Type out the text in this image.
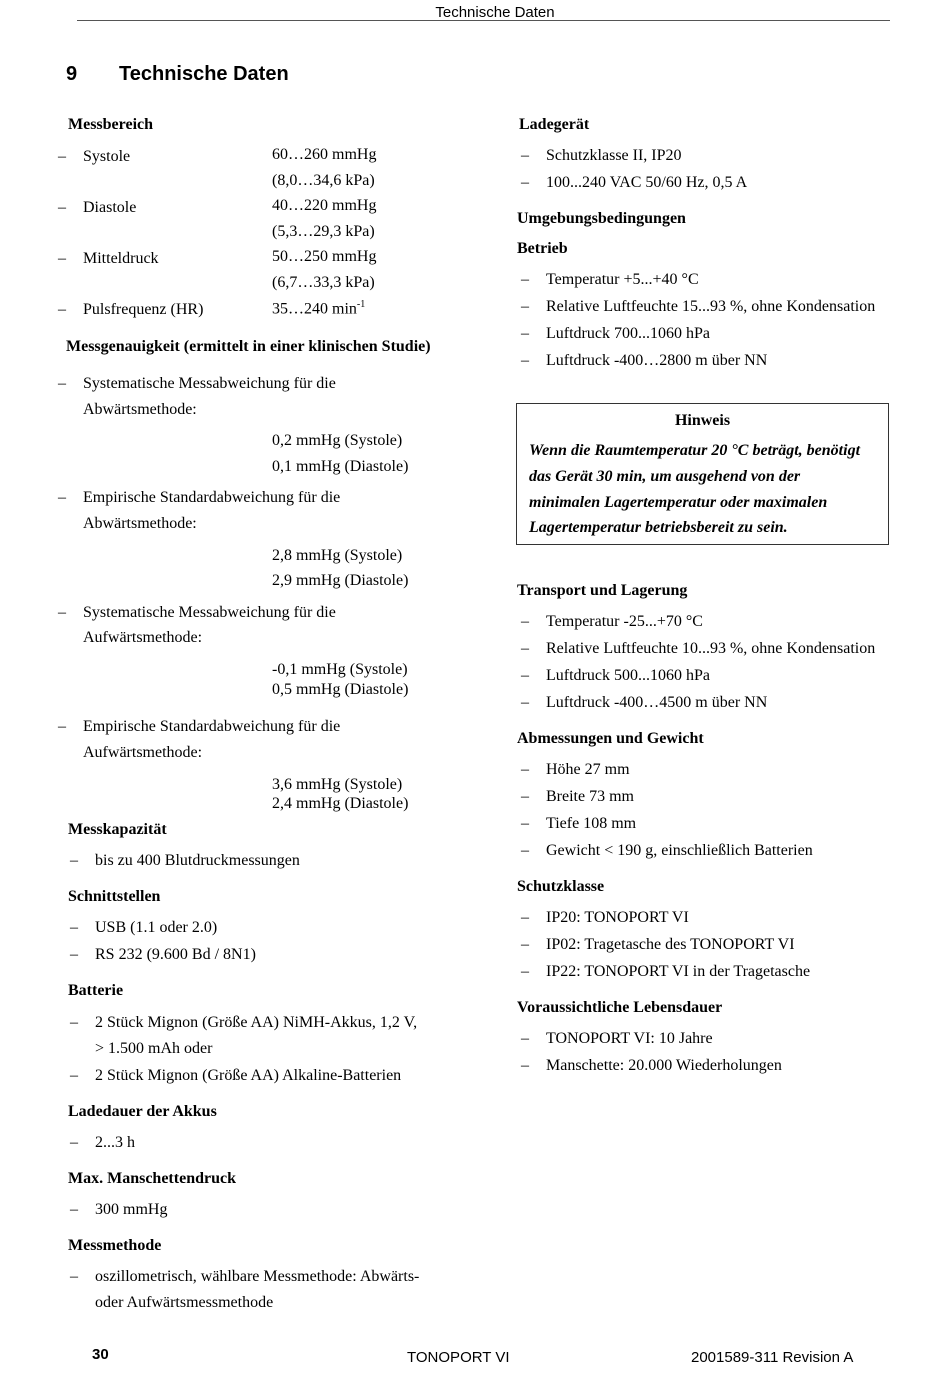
Technische Daten
9 Technische Daten
Messbereich
– Systole	60…260 mmHg
(8,0…34,6 kPa)
– Diastole	40…220 mmHg
(5,3…29,3 kPa)
– Mitteldruck	50…250 mmHg
(6,7…33,3 kPa)
– Pulsfrequenz (HR)	35…240 $\min^{-1}$
Messgenauigkeit (ermittelt in einer klinischen Studie)
– Systematische Messabweichung für die
Abwärtsmethode:
0,2 mmHg (Systole)
0,1 mmHg (Diastole)
– Empirische Standardabweichung für die
Abwärtsmethode:
2,8 mmHg (Systole)
2,9 mmHg (Diastole)
– Systematische Messabweichung für die
Aufwärtsmethode:
-0,1 mmHg (Systole)
0,5 mmHg (Diastole)
– Empirische Standardabweichung für die
Aufwärtsmethode:
3,6 mmHg (Systole)
2,4 mmHg (Diastole)
Messkapazität
– bis zu 400 Blutdruckmessungen
Schnittstellen
– USB (1.1 oder 2.0)
– RS 232 (9.600 Bd / 8N1)
Batterie
– 2 Stück Mignon (Größe AA) NiMH-Akkus, 1,2 V,
> 1.500 mAh oder
– 2 Stück Mignon (Größe AA) Alkaline-Batterien
Ladedauer der Akkus
– 2...3 h
Max. Manschettendruck
– 300 mmHg
Messmethode
– oszillometrisch, wählbare Messmethode: Abwärts-
oder Aufwärtsmessmethode
Ladegerät
– Schutzklasse II, IP20
– 100...240 VAC 50/60 Hz, 0,5 A
Umgebungsbedingungen
Betrieb
– Temperatur +5...+40 °C
– Relative Luftfeuchte 15...93 %, ohne Kondensation
– Luftdruck 700...1060 hPa
– Luftdruck -400…2800 m über NN
Hinweis
Wenn die Raumtemperatur 20 °C beträgt, benötigt
das Gerät 30 min, um ausgehend von der
minimalen Lagertemperatur oder maximalen
Lagertemperatur betriebsbereit zu sein.
Transport und Lagerung
– Temperatur -25...+70 °C
– Relative Luftfeuchte 10...93 %, ohne Kondensation
– Luftdruck 500...1060 hPa
– Luftdruck -400…4500 m über NN
Abmessungen und Gewicht
– Höhe 27 mm
– Breite 73 mm
– Tiefe 108 mm
– Gewicht < 190 g, einschließlich Batterien
Schutzklasse
– IP20: TONOPORT VI
– IP02: Tragetasche des TONOPORT VI
– IP22: TONOPORT VI in der Tragetasche
Voraussichtliche Lebensdauer
– TONOPORT VI: 10 Jahre
– Manschette: 20.000 Wiederholungen
30	TONOPORT VI	2001589-311 Revision A
